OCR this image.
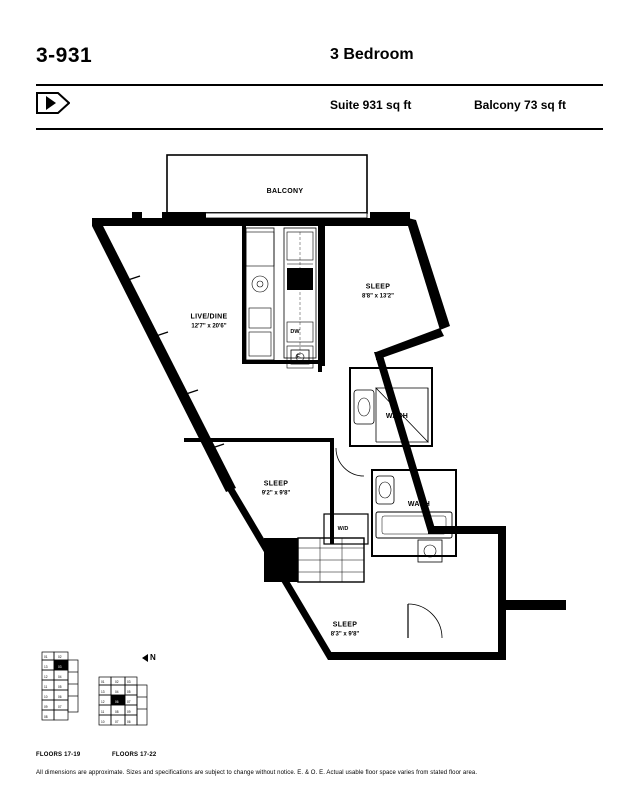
3-931	3 Bedroom
Suite 931 sq ft	Balcony 73 sq ft
BALCONY
LIVE/DINE
12'7" x 20'6"
SLEEP
8'8" x 13'2"
SLEEP
9'2" x 9'8"
SLEEP
8'3" x 9'8"
WASH
WASH
DW
F
W/D
N
01	02
13	03
12	04
11	05
10	06
09	07
08
FLOORS 17-19
01	02	03
13	04	05
12	06	07
11	08	09
10	07	06
FLOORS 17-22
All dimensions are approximate. Sizes and specifications are subject to change without notice. E. & O. E. Actual usable floor space varies from stated floor area.
